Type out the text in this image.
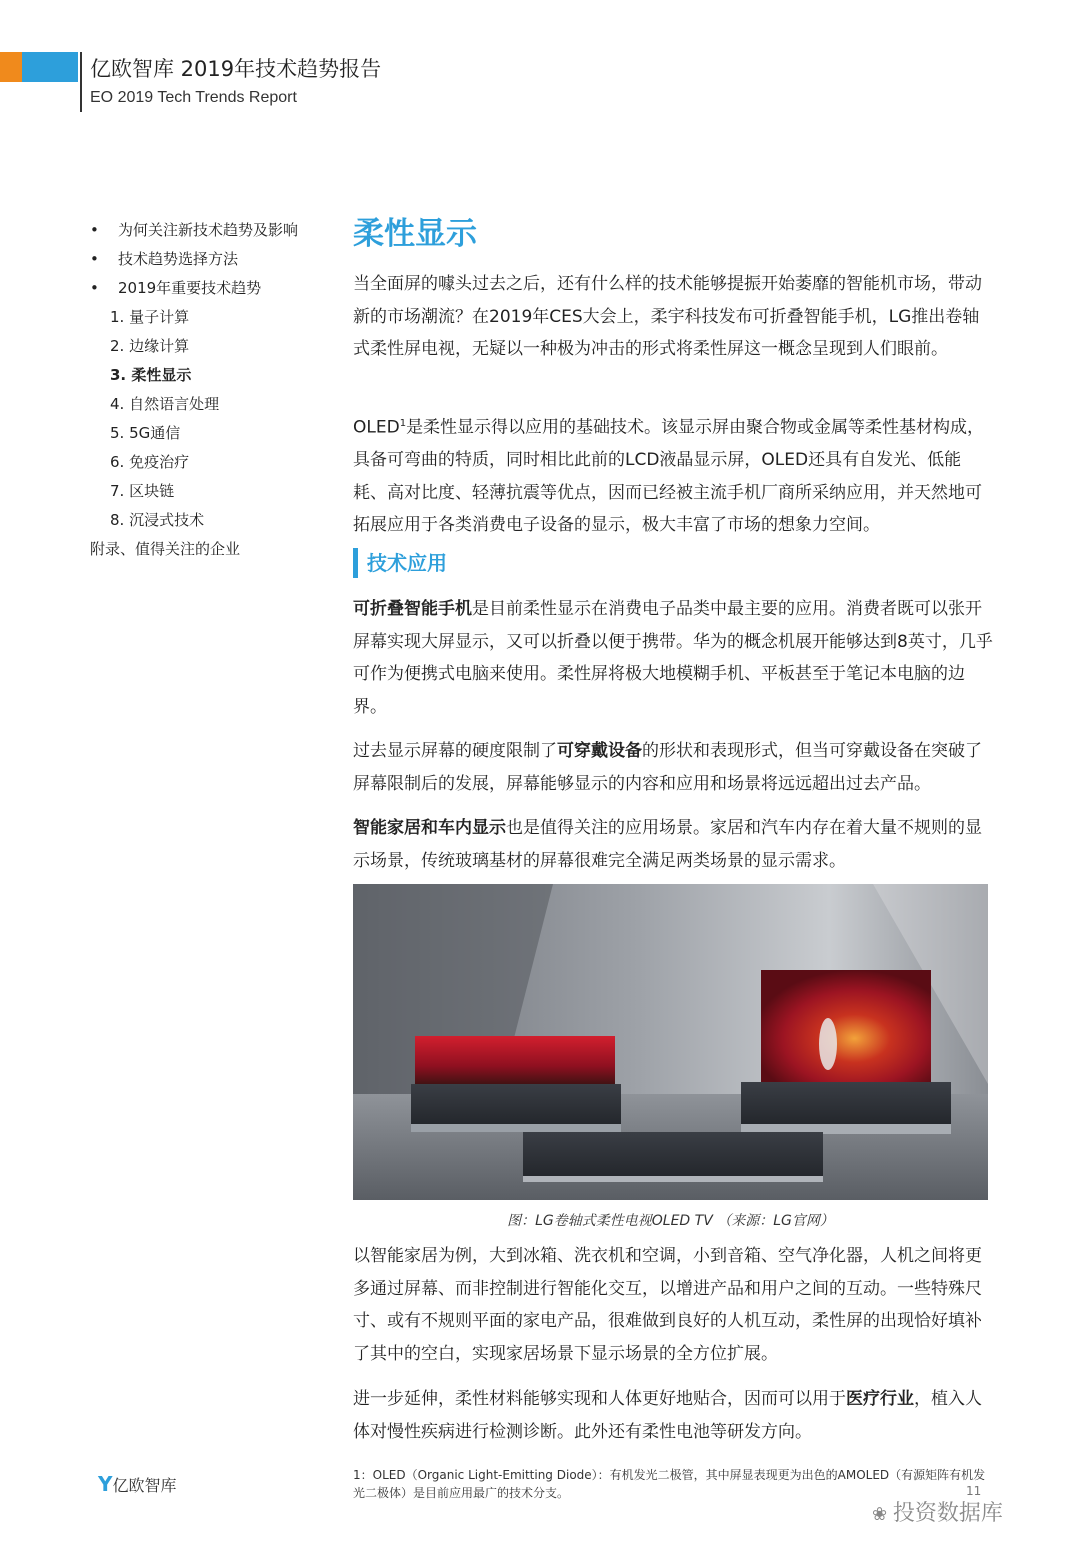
亿欧智库 2019年技术趋势报告
EO 2019 Tech Trends Report
• 为何关注新技术趋势及影响
• 技术趋势选择方法
• 2019年重要技术趋势
1. 量子计算
2. 边缘计算
3. 柔性显示
4. 自然语言处理
5. 5G通信
6. 免疫治疗
7. 区块链
8. 沉浸式技术
附录、值得关注的企业
柔性显示
当全面屏的噱头过去之后，还有什么样的技术能够提振开始萎靡的智能机市场，带动新的市场潮流？在2019年CES大会上，柔宇科技发布可折叠智能手机，LG推出卷轴式柔性屏电视，无疑以一种极为冲击的形式将柔性屏这一概念呈现到人们眼前。
OLED$^1$是柔性显示得以应用的基础技术。该显示屏由聚合物或金属等柔性基材构成，具备可弯曲的特质，同时相比此前的LCD液晶显示屏，OLED还具有自发光、低能耗、高对比度、轻薄抗震等优点，因而已经被主流手机厂商所采纳应用，并天然地可拓展应用于各类消费电子设备的显示，极大丰富了市场的想象力空间。
技术应用
可折叠智能手机是目前柔性显示在消费电子品类中最主要的应用。消费者既可以张开屏幕实现大屏显示，又可以折叠以便于携带。华为的概念机展开能够达到8英寸，几乎可作为便携式电脑来使用。柔性屏将极大地模糊手机、平板甚至于笔记本电脑的边界。
过去显示屏幕的硬度限制了可穿戴设备的形状和表现形式，但当可穿戴设备在突破了屏幕限制后的发展，屏幕能够显示的内容和应用和场景将远远超出过去产品。
智能家居和车内显示也是值得关注的应用场景。家居和汽车内存在着大量不规则的显示场景，传统玻璃基材的屏幕很难完全满足两类场景的显示需求。
图：LG卷轴式柔性电视OLED TV （来源：LG官网）
以智能家居为例，大到冰箱、洗衣机和空调，小到音箱、空气净化器，人机之间将更多通过屏幕、而非控制进行智能化交互，以增进产品和用户之间的互动。一些特殊尺寸、或有不规则平面的家电产品，很难做到良好的人机互动，柔性屏的出现恰好填补了其中的空白，实现家居场景下显示场景的全方位扩展。
进一步延伸，柔性材料能够实现和人体更好地贴合，因而可以用于医疗行业，植入人体对慢性疾病进行检测诊断。此外还有柔性电池等研发方向。
1：OLED（Organic Light-Emitting Diode）：有机发光二极管，其中屏显表现更为出色的AMOLED（有源矩阵有机发光二极体）是目前应用最广的技术分支。
Y亿欧智库	11
❀ 投资数据库
